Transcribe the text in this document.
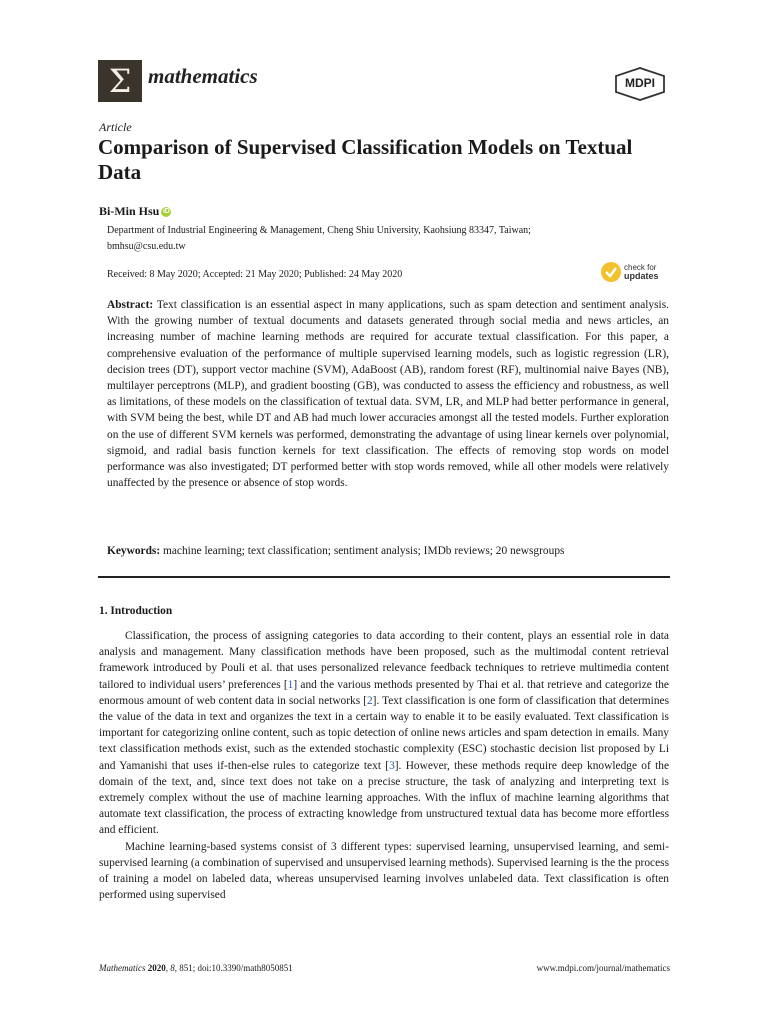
Σ mathematics	MDPI
Article
Comparison of Supervised Classification Models on Textual Data
Bi-Min Hsu iD
Department of Industrial Engineering & Management, Cheng Shiu University, Kaohsiung 83347, Taiwan;
bmhsu@csu.edu.tw
Received: 8 May 2020; Accepted: 21 May 2020; Published: 24 May 2020
check for
updates
Abstract: Text classification is an essential aspect in many applications, such as spam detection and sentiment analysis. With the growing number of textual documents and datasets generated through social media and news articles, an increasing number of machine learning methods are required for accurate textual classification. For this paper, a comprehensive evaluation of the performance of multiple supervised learning models, such as logistic regression (LR), decision trees (DT), support vector machine (SVM), AdaBoost (AB), random forest (RF), multinomial naive Bayes (NB), multilayer perceptrons (MLP), and gradient boosting (GB), was conducted to assess the efficiency and robustness, as well as limitations, of these models on the classification of textual data. SVM, LR, and MLP had better performance in general, with SVM being the best, while DT and AB had much lower accuracies amongst all the tested models. Further exploration on the use of different SVM kernels was performed, demonstrating the advantage of using linear kernels over polynomial, sigmoid, and radial basis function kernels for text classification. The effects of removing stop words on model performance was also investigated; DT performed better with stop words removed, while all other models were relatively unaffected by the presence or absence of stop words.
Keywords: machine learning; text classification; sentiment analysis; IMDb reviews; 20 newsgroups
1. Introduction

Classification, the process of assigning categories to data according to their content, plays an essential role in data analysis and management. Many classification methods have been proposed, such as the multimodal content retrieval framework introduced by Pouli et al. that uses personalized relevance feedback techniques to retrieve multimedia content tailored to individual users’ preferences [1] and the various methods presented by Thai et al. that retrieve and categorize the enormous amount of web content data in social networks [2]. Text classification is one form of classification that determines the value of the data in text and organizes the text in a certain way to enable it to be easily evaluated. Text classification is important for categorizing online content, such as topic detection of online news articles and spam detection in emails. Many text classification methods exist, such as the extended stochastic complexity (ESC) stochastic decision list proposed by Li and Yamanishi that uses if-then-else rules to categorize text [3]. However, these methods require deep knowledge of the domain of the text, and, since text does not take on a precise structure, the task of analyzing and interpreting text is extremely complex without the use of machine learning approaches. With the influx of machine learning algorithms that automate text classification, the process of extracting knowledge from unstructured textual data has become more effortless and efficient.

Machine learning-based systems consist of 3 different types: supervised learning, unsupervised learning, and semi-supervised learning (a combination of supervised and unsupervised learning methods). Supervised learning is the the process of training a model on labeled data, whereas unsupervised learning involves unlabeled data. Text classification is often performed using supervised

Mathematics 2020, 8, 851; doi:10.3390/math8050851	www.mdpi.com/journal/mathematics
